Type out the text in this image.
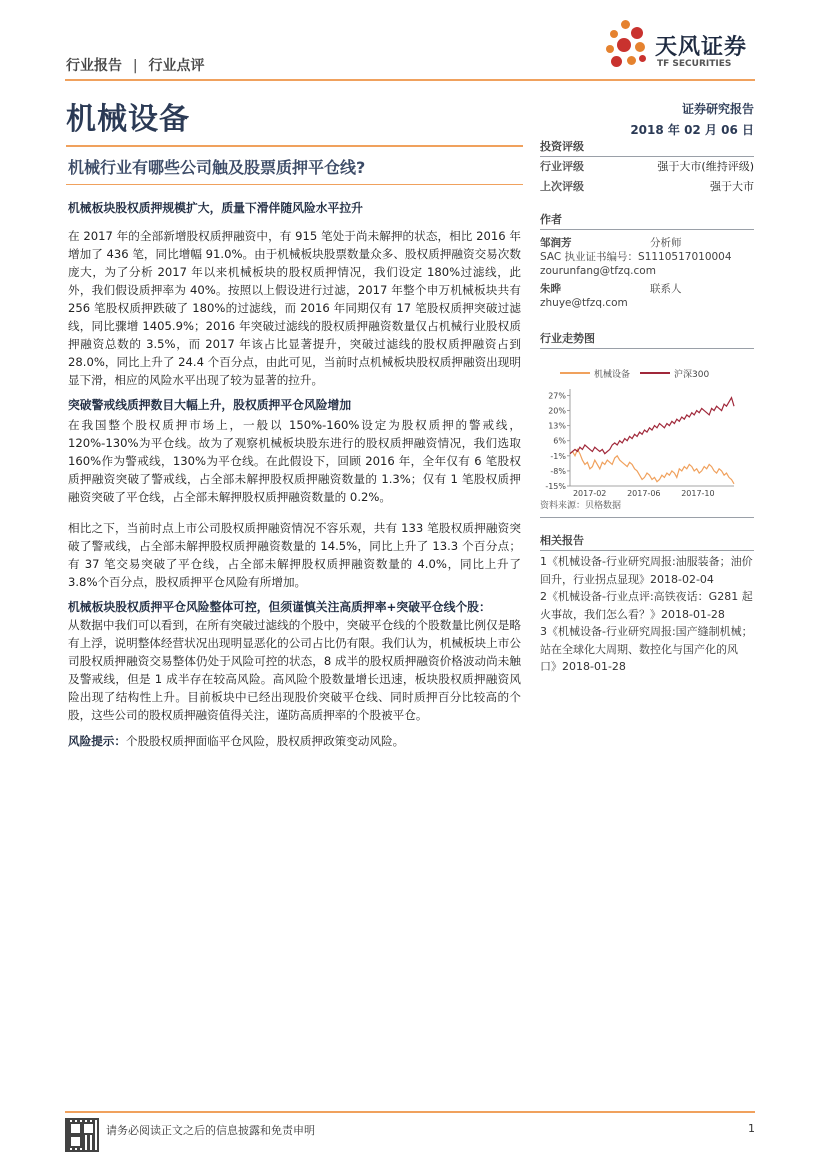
行业报告 | 行业点评
天风证券
TF SECURITIES
机械设备	证券研究报告
2018 年 02 月 06 日
机械行业有哪些公司触及股票质押平仓线?
机械板块股权质押规模扩大，质量下滑伴随风险水平拉升

在 2017 年的全部新增股权质押融资中，有 915 笔处于尚未解押的状态，相比 2016 年增加了 436 笔，同比增幅 91.0%。由于机械板块股票数量众多、股权质押融资交易次数庞大，为了分析 2017 年以来机械板块的股权质押情况，我们设定 180%过滤线，此外，我们假设质押率为 40%。按照以上假设进行过滤，2017 年整个申万机械板块共有 256 笔股权质押跌破了 180%的过滤线，而 2016 年同期仅有 17 笔股权质押突破过滤线，同比骤增 1405.9%；2016 年突破过滤线的股权质押融资数量仅占机械行业股权质押融资总数的 3.5%，而 2017 年该占比显著提升，突破过滤线的股权质押融资占到 28.0%，同比上升了 24.4 个百分点，由此可见，当前时点机械板块股权质押融资出现明显下滑，相应的风险水平出现了较为显著的拉升。

突破警戒线质押数目大幅上升，股权质押平仓风险增加

在我国整个股权质押市场上，一般以 150%-160%设定为股权质押的警戒线，120%-130%为平仓线。故为了观察机械板块股东进行的股权质押融资情况，我们选取 160%作为警戒线，130%为平仓线。在此假设下，回顾 2016 年，全年仅有 6 笔股权质押融资突破了警戒线，占全部未解押股权质押融资数量的 1.3%；仅有 1 笔股权质押融资突破了平仓线，占全部未解押股权质押融资数量的 0.2%。

相比之下，当前时点上市公司股权质押融资情况不容乐观，共有 133 笔股权质押融资突破了警戒线，占全部未解押股权质押融资数量的 14.5%，同比上升了 13.3 个百分点；有 37 笔交易突破了平仓线，占全部未解押股权质押融资数量的 4.0%，同比上升了 3.8%个百分点，股权质押平仓风险有所增加。

机械板块股权质押平仓风险整体可控，但须谨慎关注高质押率+突破平仓线个股：

从数据中我们可以看到，在所有突破过滤线的个股中，突破平仓线的个股数量比例仅是略有上浮，说明整体经营状况出现明显恶化的公司占比仍有限。我们认为，机械板块上市公司股权质押融资交易整体仍处于风险可控的状态，8 成半的股权质押融资价格波动尚未触及警戒线，但是 1 成半存在较高风险。高风险个股数量增长迅速，板块股权质押融资风险出现了结构性上升。目前板块中已经出现股价突破平仓线、同时质押百分比较高的个股，这些公司的股权质押融资值得关注，谨防高质押率的个股被平仓。

风险提示：个股股权质押面临平仓风险，股权质押政策变动风险。

投资评级
行业评级	强于大市(维持评级)
上次评级	强于大市
作者
邹润芳	分析师
SAC 执业证书编号：S1110517010004
zourunfang@tfzq.com
朱晔	联系人
zhuye@tfzq.com
行业走势图
机械设备	沪深300
27%
20%
13%
6%
-1%
-8%
-15%
2017-02	2017-06	2017-10
资料来源：贝格数据
相关报告

1《机械设备-行业研究周报:油服装备；油价回升，行业拐点显现》2018-02-04

2《机械设备-行业点评:高铁夜话：G281 起火事故，我们怎么看？》2018-01-28

3《机械设备-行业研究周报:国产缝制机械；站在全球化大周期、数控化与国产化的风口》2018-01-28

请务必阅读正文之后的信息披露和免责申明	1
